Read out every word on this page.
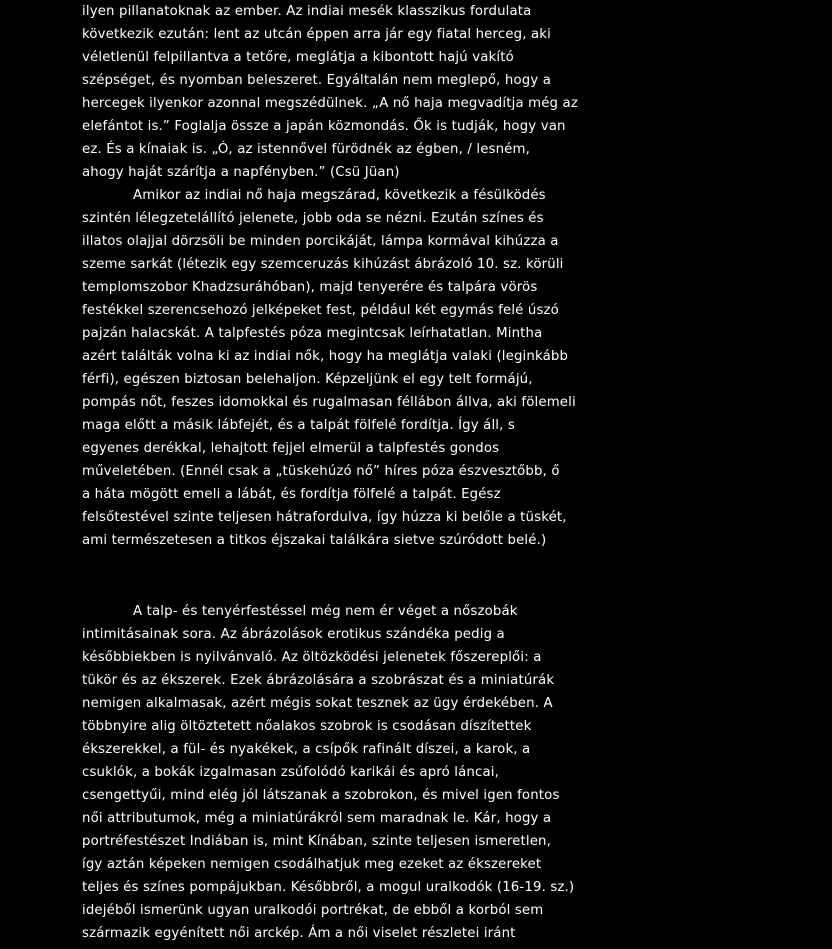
ilyen pillanatoknak az ember. Az indiai mesék klasszikus fordulata
következik ezután: lent az utcán éppen arra jár egy fiatal herceg, aki
véletlenül felpillantva a tetőre, meglátja a kibontott hajú vakító
szépséget, és nyomban beleszeret. Egyáltalán nem meglepő, hogy a
hercegek ilyenkor azonnal megszédülnek. „A nő haja megvadítja még az
elefántot is.” Foglalja össze a japán közmondás. Ők is tudják, hogy van
ez. És a kínaiak is. „Ó, az istennővel fürödnék az égben, / lesném,
ahogy haját szárítja a napfényben.” (Csü Jüan)
Amikor az indiai nő haja megszárad, következik a fésülködés
szintén lélegzetelállító jelenete, jobb oda se nézni. Ezután színes és
illatos olajjal dörzsöli be minden porcikáját, lámpa kormával kihúzza a
szeme sarkát (létezik egy szemceruzás kihúzást ábrázoló 10. sz. körüli
templomszobor Khadzsuráhóban), majd tenyerére és talpára vörös
festékkel szerencsehozó jelképeket fest, például két egymás felé úszó
pajzán halacskát. A talpfestés póza megintcsak leírhatatlan. Mintha
azért találták volna ki az indiai nők, hogy ha meglátja valaki (leginkább
férfi), egészen biztosan belehaljon. Képzeljünk el egy telt formájú,
pompás nőt, feszes idomokkal és rugalmasan féllábon állva, aki fölemeli
maga előtt a másik lábfejét, és a talpát fölfelé fordítja. Így áll, s
egyenes derékkal, lehajtott fejjel elmerül a talpfestés gondos
műveletében. (Ennél csak a „tüskehúzó nő” híres póza észvesztőbb, ő
a háta mögött emeli a lábát, és fordítja fölfelé a talpát. Egész
felsőtestével szinte teljesen hátrafordulva, így húzza ki belőle a tüskét,
ami természetesen a titkos éjszakai találkára sietve szúródott belé.)
A talp- és tenyérfestéssel még nem ér véget a nőszobák
intimitásainak sora. Az ábrázolások erotikus szándéka pedig a
későbbiekben is nyilvánvaló. Az öltözködési jelenetek főszereplői: a
tükör és az ékszerek. Ezek ábrázolására a szobrászat és a miniatúrák
nemigen alkalmasak, azért mégis sokat tesznek az ügy érdekében. A
többnyire alig öltöztetett nőalakos szobrok is csodásan díszítettek
ékszerekkel, a fül- és nyakékek, a csípők rafinált díszei, a karok, a
csuklók, a bokák izgalmasan zsúfolódó karikái és apró láncai,
csengettyűi, mind elég jól látszanak a szobrokon, és mivel igen fontos
női attributumok, még a miniatúrákról sem maradnak le. Kár, hogy a
portréfestészet Indiában is, mint Kínában, szinte teljesen ismeretlen,
így aztán képeken nemigen csodálhatjuk meg ezeket az ékszereket
teljes és színes pompájukban. Későbbről, a mogul uralkodók (16-19. sz.)
idejéből ismerünk ugyan uralkodói portrékat, de ebből a korból sem
származik egyénített női arckép. Ám a női viselet részletei iránt
